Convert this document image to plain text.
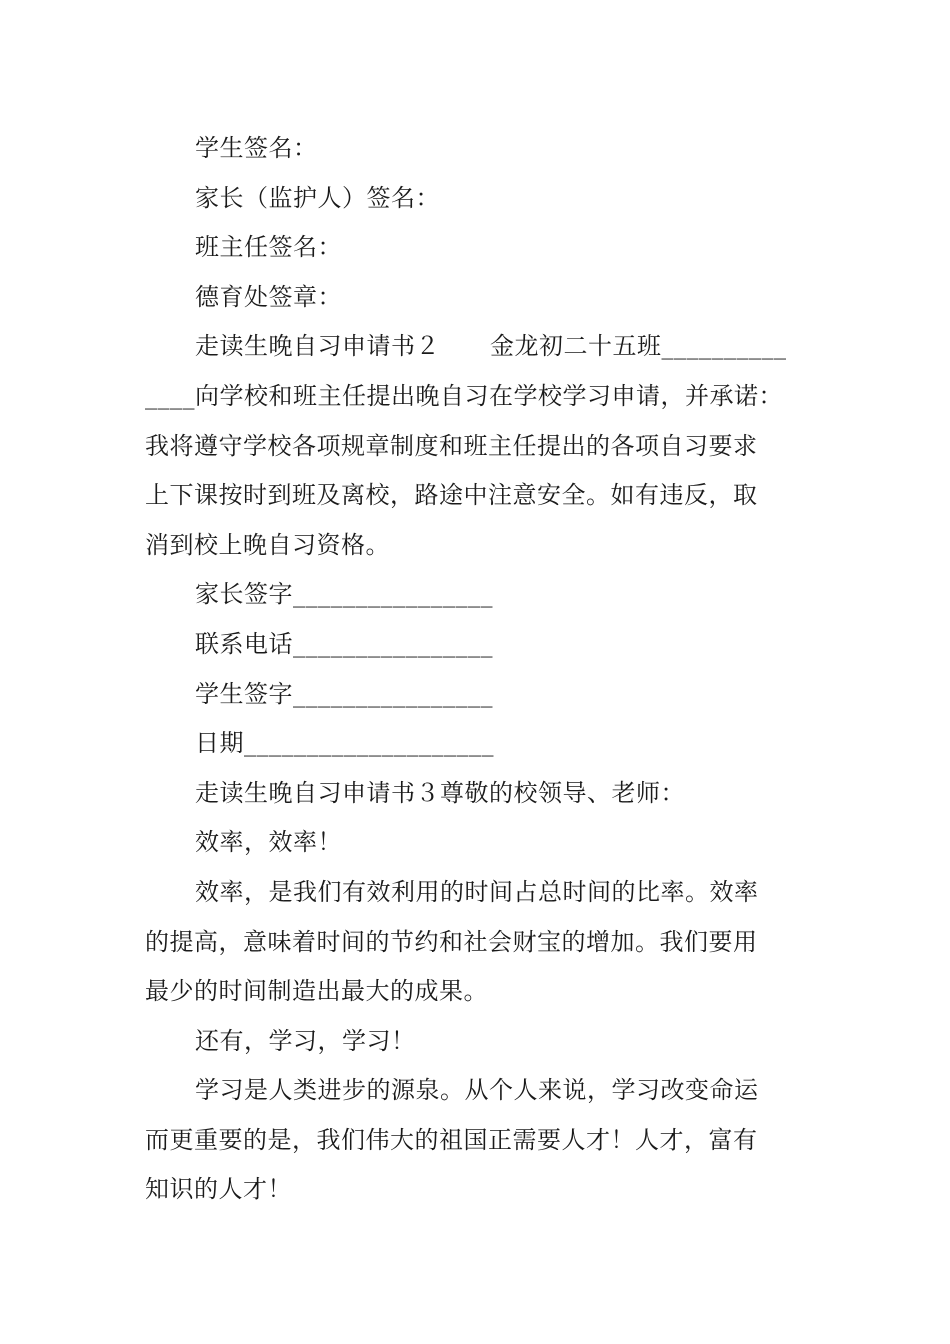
学生签名：
家长（监护人）签名：
班主任签名：
德育处签章：
走读生晚自习申请书２ 金龙初二十五班__________
____向学校和班主任提出晚自习在学校学习申请，并承诺：
我将遵守学校各项规章制度和班主任提出的各项自习要求
上下课按时到班及离校，路途中注意安全。如有违反，取
消到校上晚自习资格。
家长签字________________
联系电话________________
学生签字________________
日期____________________
走读生晚自习申请书３尊敬的校领导、老师：
效率，效率！
效率，是我们有效利用的时间占总时间的比率。效率
的提高，意味着时间的节约和社会财宝的增加。我们要用
最少的时间制造出最大的成果。
还有，学习，学习！
学习是人类进步的源泉。从个人来说，学习改变命运
而更重要的是，我们伟大的祖国正需要人才！人才，富有
知识的人才！
